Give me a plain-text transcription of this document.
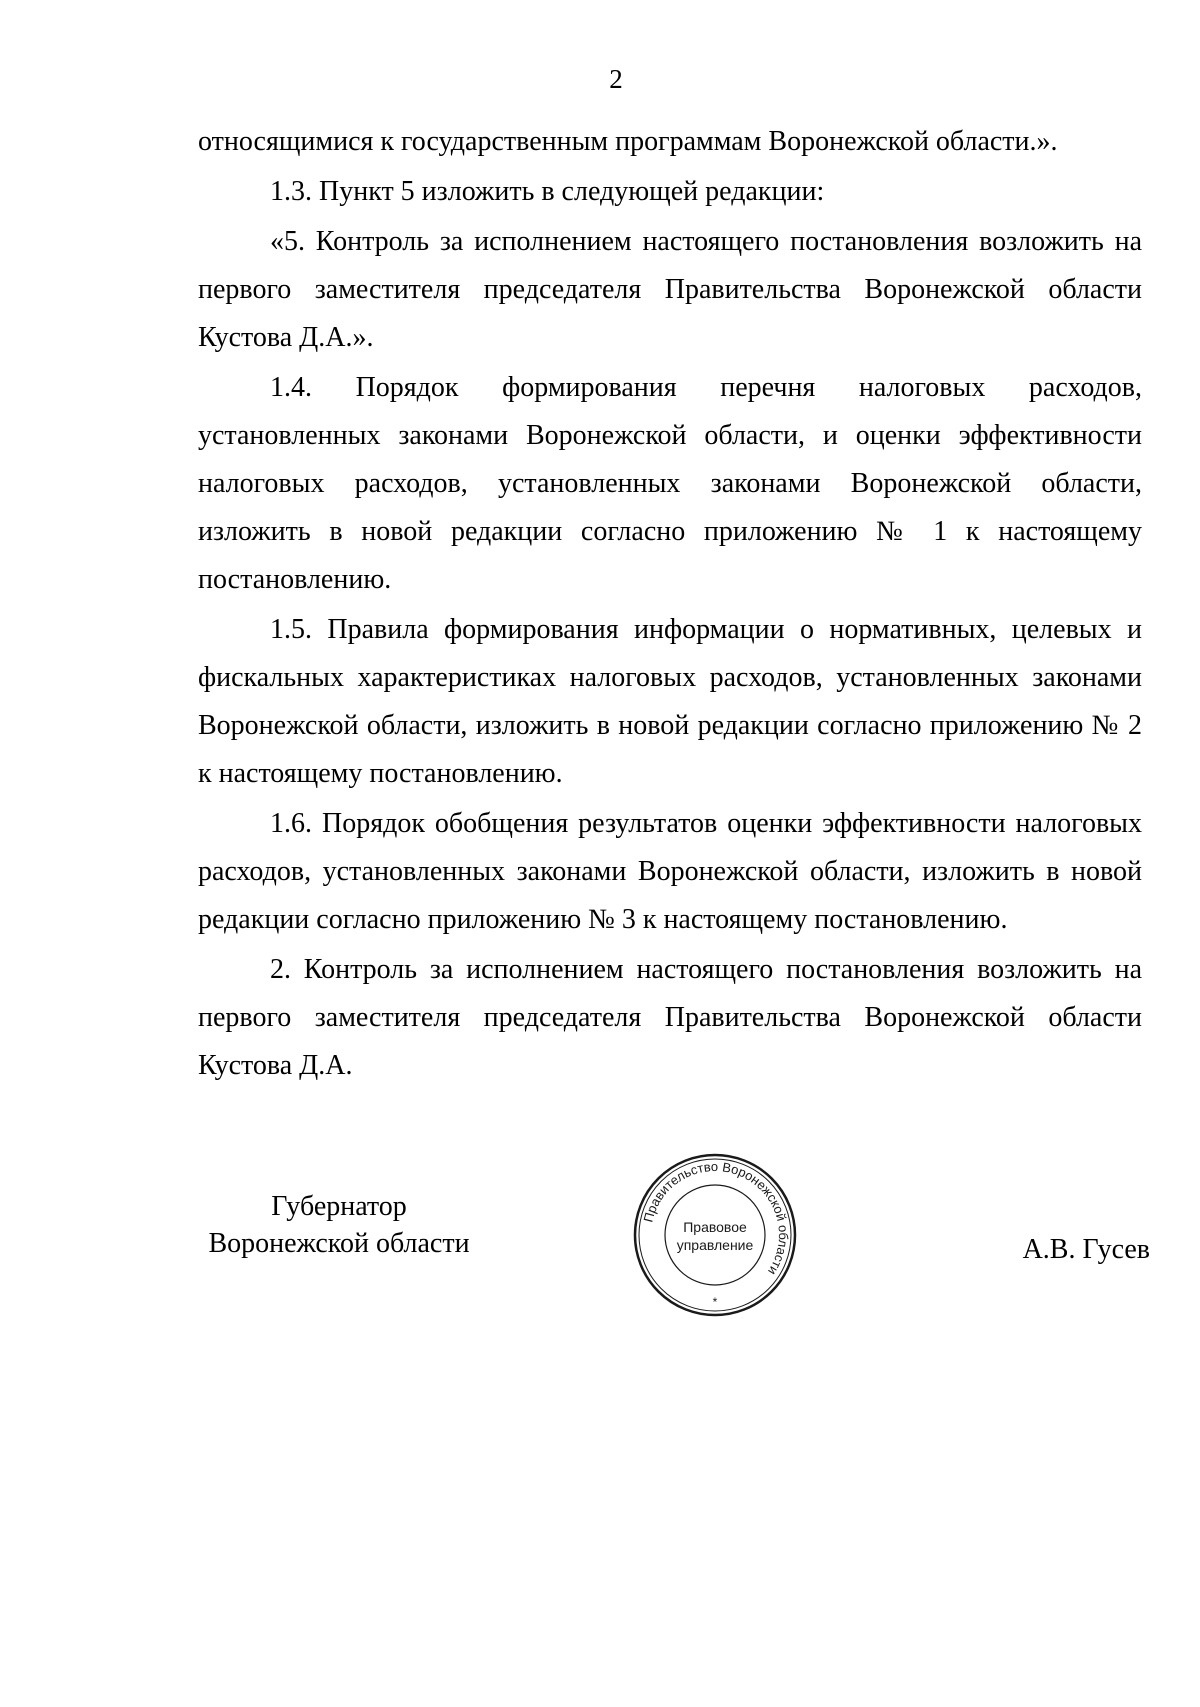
2

относящимися к государственным программам Воронежской области.».

1.3. Пункт 5 изложить в следующей редакции:

«5. Контроль за исполнением настоящего постановления возложить на первого заместителя председателя Правительства Воронежской области Кустова Д.А.».

1.4. Порядок формирования перечня налоговых расходов, установленных законами Воронежской области, и оценки эффективности налоговых расходов, установленных законами Воронежской области, изложить в новой редакции согласно приложению № 1 к настоящему постановлению.

1.5. Правила формирования информации о нормативных, целевых и фискальных характеристиках налоговых расходов, установленных законами Воронежской области, изложить в новой редакции согласно приложению № 2 к настоящему постановлению.

1.6. Порядок обобщения результатов оценки эффективности налоговых расходов, установленных законами Воронежской области, изложить в новой редакции согласно приложению № 3 к настоящему постановлению.

2. Контроль за исполнением настоящего постановления возложить на первого заместителя председателя Правительства Воронежской области Кустова Д.А.

Губернатор
Воронежской области
Правительство Воронежской области
Правовое
управление
*
А.В. Гусев
